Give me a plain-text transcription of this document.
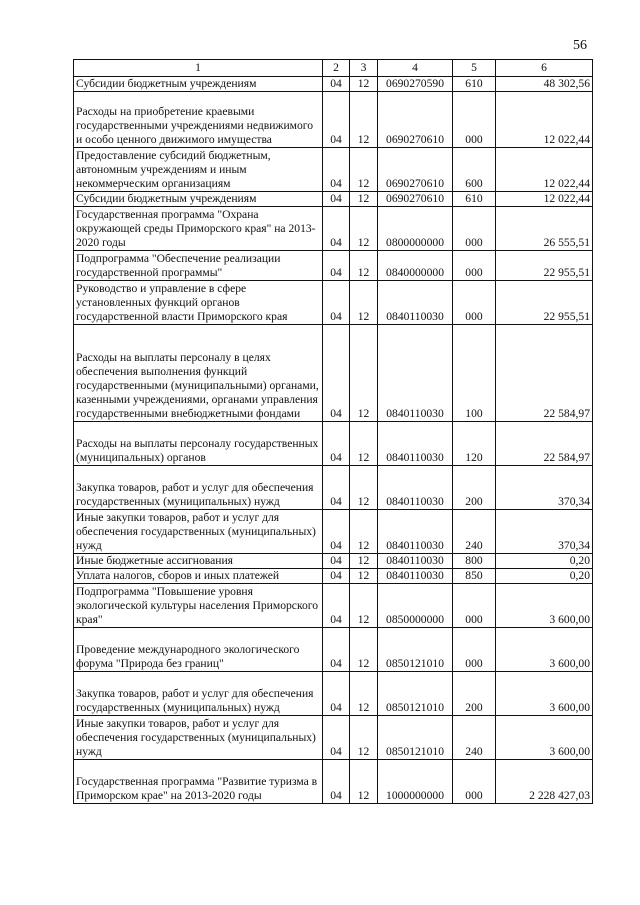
56
1	2	3	4	5	6
Субсидии бюджетным учреждениям	04	12	0690270590	610	48 302,56
Расходы на приобретение краевыми государственными учреждениями недвижимого и особо ценного движимого имущества	04	12	0690270610	000	12 022,44
Предоставление субсидий бюджетным, автономным учреждениям и иным некоммерческим организациям	04	12	0690270610	600	12 022,44
Субсидии бюджетным учреждениям	04	12	0690270610	610	12 022,44
Государственная программа "Охрана окружающей среды Приморского края" на 2013-2020 годы	04	12	0800000000	000	26 555,51
Подпрограмма "Обеспечение реализации государственной программы"	04	12	0840000000	000	22 955,51
Руководство и управление в сфере установленных функций органов государственной власти Приморского края	04	12	0840110030	000	22 955,51
Расходы на выплаты персоналу в целях обеспечения выполнения функций государственными (муниципальными) органами, казенными учреждениями, органами управления государственными внебюджетными фондами	04	12	0840110030	100	22 584,97
Расходы на выплаты персоналу государственных (муниципальных) органов	04	12	0840110030	120	22 584,97
Закупка товаров, работ и услуг для обеспечения государственных (муниципальных) нужд	04	12	0840110030	200	370,34
Иные закупки товаров, работ и услуг для обеспечения государственных (муниципальных) нужд	04	12	0840110030	240	370,34
Иные бюджетные ассигнования	04	12	0840110030	800	0,20
Уплата налогов, сборов и иных платежей	04	12	0840110030	850	0,20
Подпрограмма "Повышение уровня экологической культуры населения Приморского края"	04	12	0850000000	000	3 600,00
Проведение международного экологического форума "Природа без границ"	04	12	0850121010	000	3 600,00
Закупка товаров, работ и услуг для обеспечения государственных (муниципальных) нужд	04	12	0850121010	200	3 600,00
Иные закупки товаров, работ и услуг для обеспечения государственных (муниципальных) нужд	04	12	0850121010	240	3 600,00
Государственная программа "Развитие туризма в Приморском крае" на 2013-2020 годы	04	12	1000000000	000	2 228 427,03
